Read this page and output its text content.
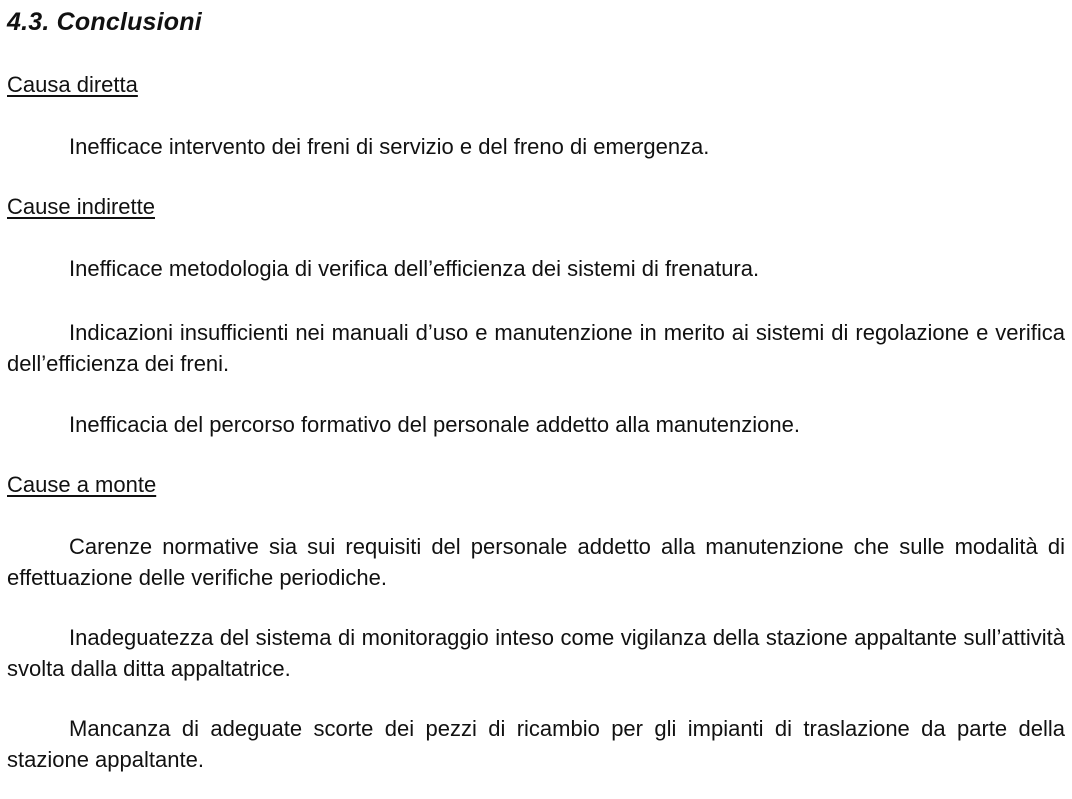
4.3. Conclusioni
Causa diretta

Inefficace intervento dei freni di servizio e del freno di emergenza.

Cause indirette

Inefficace metodologia di verifica dell’efficienza dei sistemi di frenatura.

Indicazioni insufficienti nei manuali d’uso e manutenzione in merito ai sistemi di regolazione e verifica dell’efficienza dei freni.

Inefficacia del percorso formativo del personale addetto alla manutenzione.

Cause a monte

Carenze normative sia sui requisiti del personale addetto alla manutenzione che sulle modalità di effettuazione delle verifiche periodiche.

Inadeguatezza del sistema di monitoraggio inteso come vigilanza della stazione appaltante sull’attività svolta dalla ditta appaltatrice.

Mancanza di adeguate scorte dei pezzi di ricambio per gli impianti di traslazione da parte della stazione appaltante.
